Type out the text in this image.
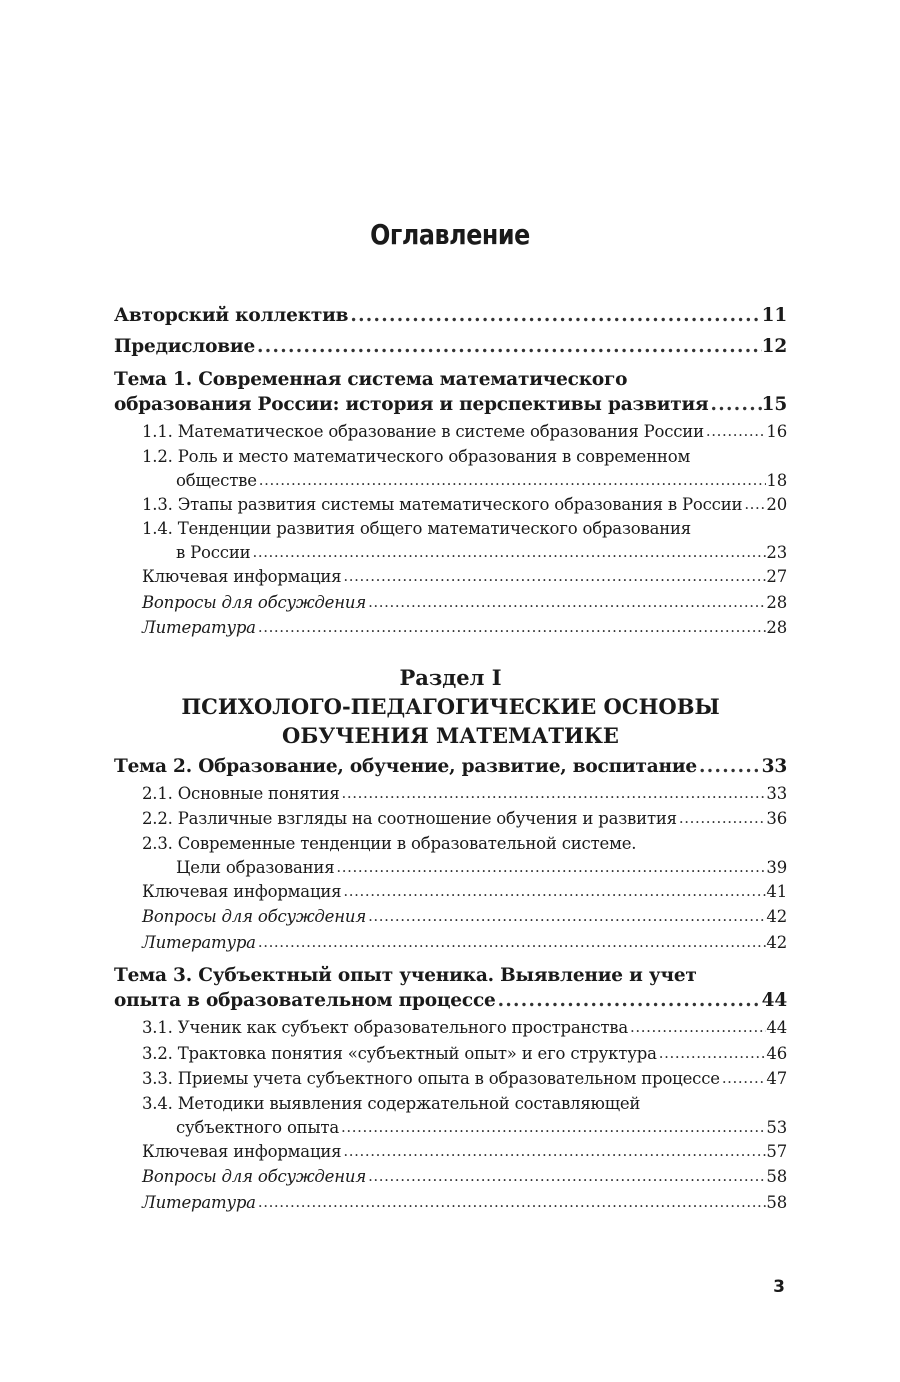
Оглавление
Авторский коллектив .....	11
Предисловие .....	12
Тема 1. Современная система математического
образования России: история и перспективы развития .....	15
1.1. Математическое образование в системе образования России .....	16
1.2. Роль и место математического образования в современном
обществе .....	18
1.3. Этапы развития системы математического образования в России ..... 20
1.4. Тенденции развития общего математического образования
в России .....	23
Ключевая информация .....	27
Вопросы для обсуждения .....	28
Литература .....	28
Раздел I
ПСИХОЛОГО-ПЕДАГОГИЧЕСКИЕ ОСНОВЫ
ОБУЧЕНИЯ МАТЕМАТИКЕ
Тема 2. Образование, обучение, развитие, воспитание .....	33
2.1. Основные понятия .....	33
2.2. Различные взгляды на соотношение обучения и развития .....	36
2.3. Современные тенденции в образовательной системе.
Цели образования .....	39
Ключевая информация .....	41
Вопросы для обсуждения .....	42
Литература .....	42
Тема 3. Субъектный опыт ученика. Выявление и учет
опыта в образовательном процессе .....	44
3.1. Ученик как субъект образовательного пространства .....	44
3.2. Трактовка понятия «субъектный опыт» и его структура .....	46
3.3. Приемы учета субъектного опыта в образовательном процессе .....	47
3.4. Методики выявления содержательной составляющей
субъектного опыта .....	53
Ключевая информация .....	57
Вопросы для обсуждения .....	58
Литература .....	58
3
